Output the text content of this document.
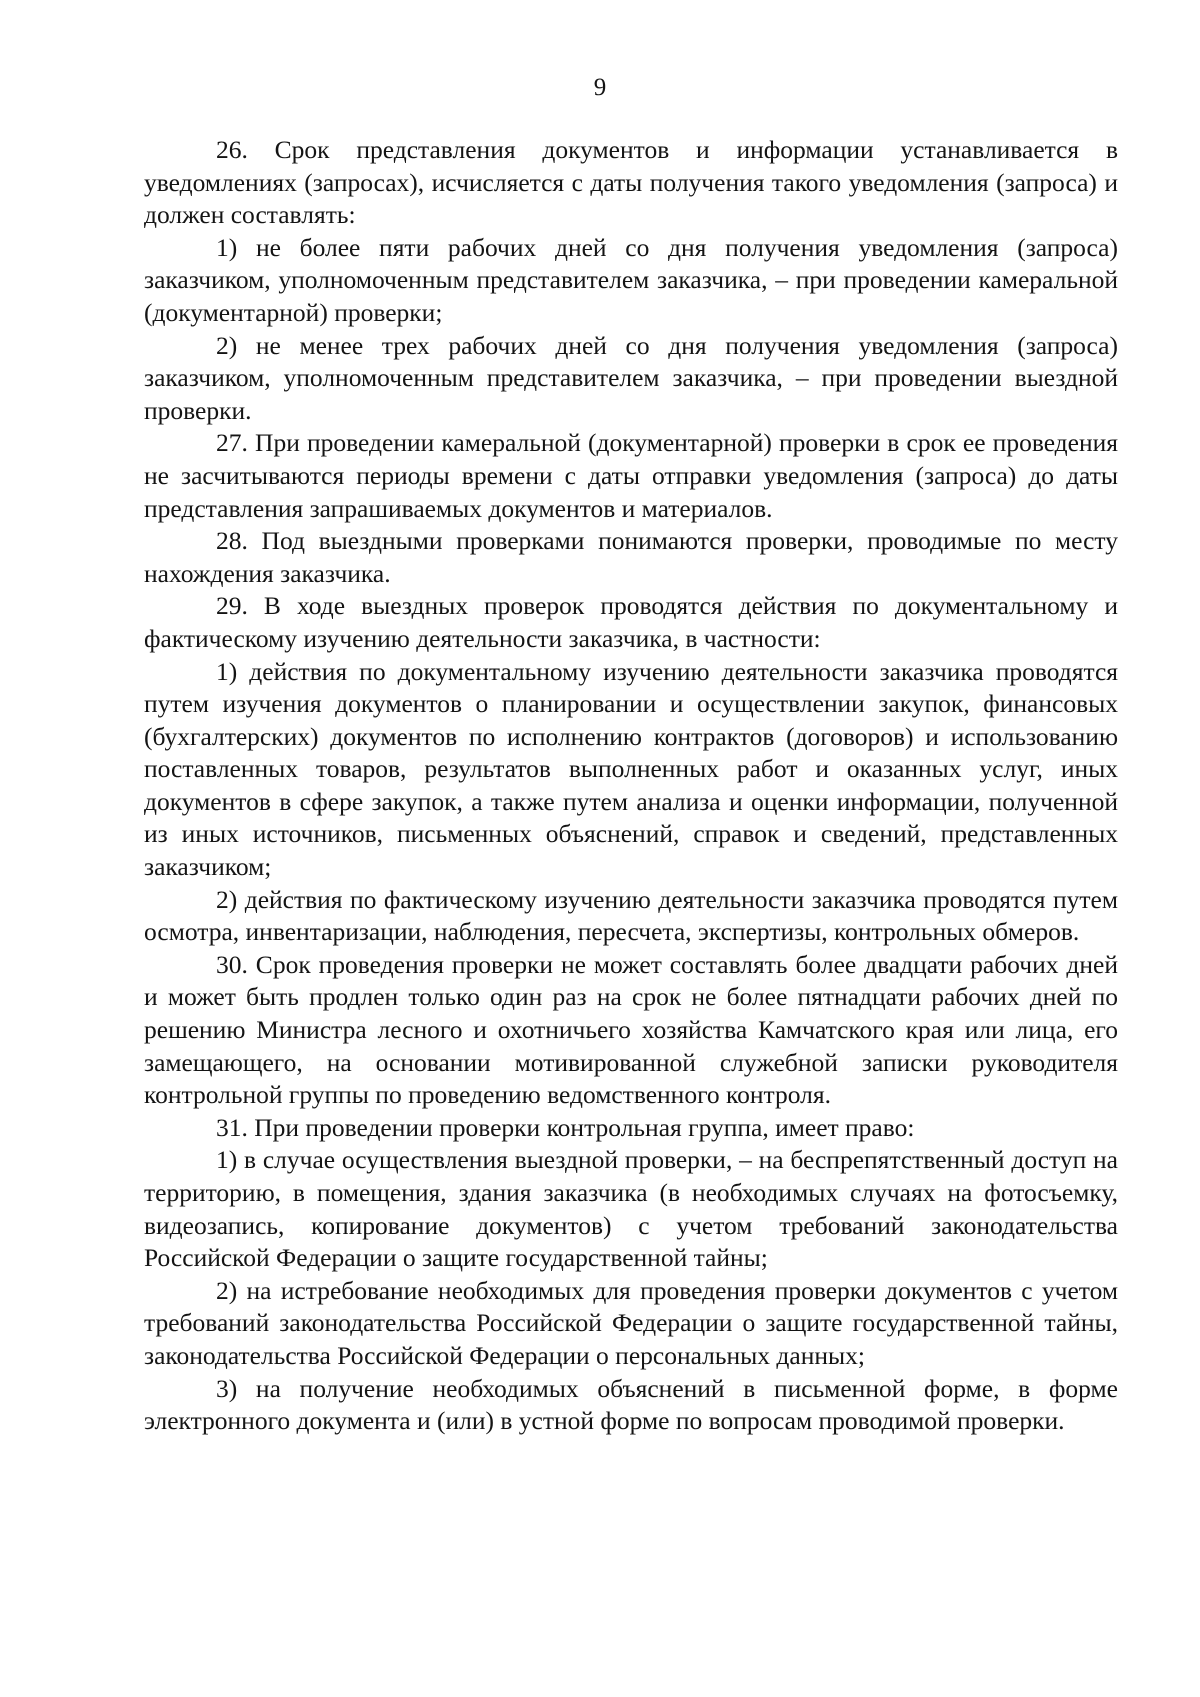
9

26. Срок представления документов и информации устанавливается в уведомлениях (запросах), исчисляется с даты получения такого уведомления (запроса) и должен составлять:

1) не более пяти рабочих дней со дня получения уведомления (запроса) заказчиком, уполномоченным представителем заказчика, – при проведении камеральной (документарной) проверки;

2) не менее трех рабочих дней со дня получения уведомления (запроса) заказчиком, уполномоченным представителем заказчика, – при проведении выездной проверки.

27. При проведении камеральной (документарной) проверки в срок ее проведения не засчитываются периоды времени с даты отправки уведомления (запроса) до даты представления запрашиваемых документов и материалов.

28. Под выездными проверками понимаются проверки, проводимые по месту нахождения заказчика.

29. В ходе выездных проверок проводятся действия по документальному и фактическому изучению деятельности заказчика, в частности:

1) действия по документальному изучению деятельности заказчика проводятся путем изучения документов о планировании и осуществлении закупок, финансовых (бухгалтерских) документов по исполнению контрактов (договоров) и использованию поставленных товаров, результатов выполненных работ и оказанных услуг, иных документов в сфере закупок, а также путем анализа и оценки информации, полученной из иных источников, письменных объяснений, справок и сведений, представленных заказчиком;

2) действия по фактическому изучению деятельности заказчика проводятся путем осмотра, инвентаризации, наблюдения, пересчета, экспертизы, контрольных обмеров.

30. Срок проведения проверки не может составлять более двадцати рабочих дней и может быть продлен только один раз на срок не более пятнадцати рабочих дней по решению Министра лесного и охотничьего хозяйства Камчатского края или лица, его замещающего, на основании мотивированной служебной записки руководителя контрольной группы по проведению ведомственного контроля.

31. При проведении проверки контрольная группа, имеет право:

1) в случае осуществления выездной проверки, – на беспрепятственный доступ на территорию, в помещения, здания заказчика (в необходимых случаях на фотосъемку, видеозапись, копирование документов) с учетом требований законодательства Российской Федерации о защите государственной тайны;

2) на истребование необходимых для проведения проверки документов с учетом требований законодательства Российской Федерации о защите государственной тайны, законодательства Российской Федерации о персональных данных;

3) на получение необходимых объяснений в письменной форме, в форме электронного документа и (или) в устной форме по вопросам проводимой проверки.
